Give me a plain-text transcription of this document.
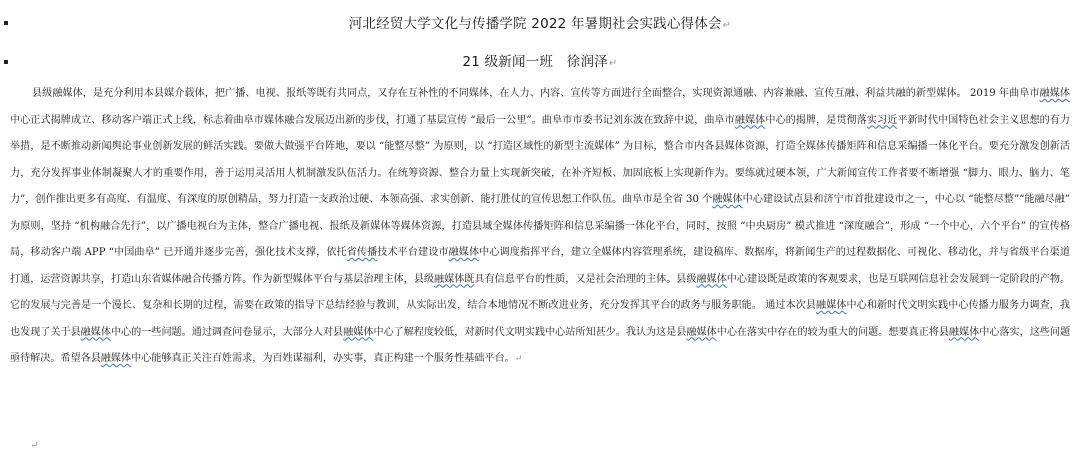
河北经贸大学文化与传播学院 2022 年暑期社会实践心得体会↵
21 级新闻一班　徐润泽↵
县级融媒体，是充分利用本县媒介载体，把广播、电视、报纸等既有共同点，又存在互补性的不同媒体，在人力、内容、宣传等方面进行全面整合，实现资源通融、内容兼融、宣传互融、利益共融的新型媒体。 2019 年曲阜市融媒体中心正式揭牌成立、移动客户端正式上线，标志着曲阜市媒体融合发展迈出新的步伐，打通了基层宣传 “最后一公里”。曲阜市市委书记刘东波在致辞中说，曲阜市融媒体中心的揭牌，是贯彻落实习近平新时代中国特色社会主义思想的有力举措，是不断推动新闻舆论事业创新发展的鲜活实践。要做大做强平台阵地，要以 “能整尽整” 为原则，以 “打造区域性的新型主流媒体” 为目标，整合市内各县媒体资源，打造全媒体传播矩阵和信息采编播一体化平台。要充分激发创新活力，充分发挥事业体制凝聚人才的重要作用，善于运用灵活用人机制激发队伍活力。在统筹资源、整合力量上实现新突破，在补齐短板、加固底板上实现新作为。要练就过硬本领，广大新闻宣传工作者要不断增强 “脚力、眼力、脑力、笔力”，创作推出更多有高度、有温度、有深度的原创精品，努力打造一支政治过硬、本领高强、求实创新、能打胜仗的宣传思想工作队伍。曲阜市是全省 30 个融媒体中心建设试点县和济宁市首批建设市之一，中心以 “能整尽整”“能融尽融” 为原则，坚持 “机构融合先行”，以广播电视台为主体，整合广播电视、报纸及新媒体等媒体资源，打造县域全媒体传播矩阵和信息采编播一体化平台，同时，按照 “中央厨房” 模式推进 “深度融合”，形成 “一个中心，六个平台” 的宣传格局，移动客户端 APP “中国曲阜” 已开通并逐步完善，强化技术支撑，依托省传播技术平台建设市融媒体中心调度指挥平台，建立全媒体内容管理系统，建设稿库、数据库，将新闻生产的过程数据化、可视化、移动化，并与省级平台渠道打通，运营资源共享，打造山东省媒体融合传播方阵。作为新型媒体平台与基层治理主体，县级融媒体既具有信息平台的性质，又是社会治理的主体。县级融媒体中心建设既是政策的客观要求，也是互联网信息社会发展到一定阶段的产物。它的发展与完善是一个漫长、复杂和长期的过程，需要在政策的指导下总结经验与教训，从实际出发，结合本地情况不断改进业务，充分发挥其平台的政务与服务职能。 通过本次县融媒体中心和新时代文明实践中心传播力服务力调查，我也发现了关于县融媒体中心的一些问题。通过调查问卷显示，大部分人对县融媒体中心了解程度较低，对新时代文明实践中心站所知甚少。我认为这是县融媒体中心在落实中存在的较为重大的问题。想要真正将县融媒体中心落实，这些问题亟待解决。希望各县融媒体中心能够真正关注百姓需求，为百姓谋福利，办实事，真正构建一个服务性基础平台。↵
↵
